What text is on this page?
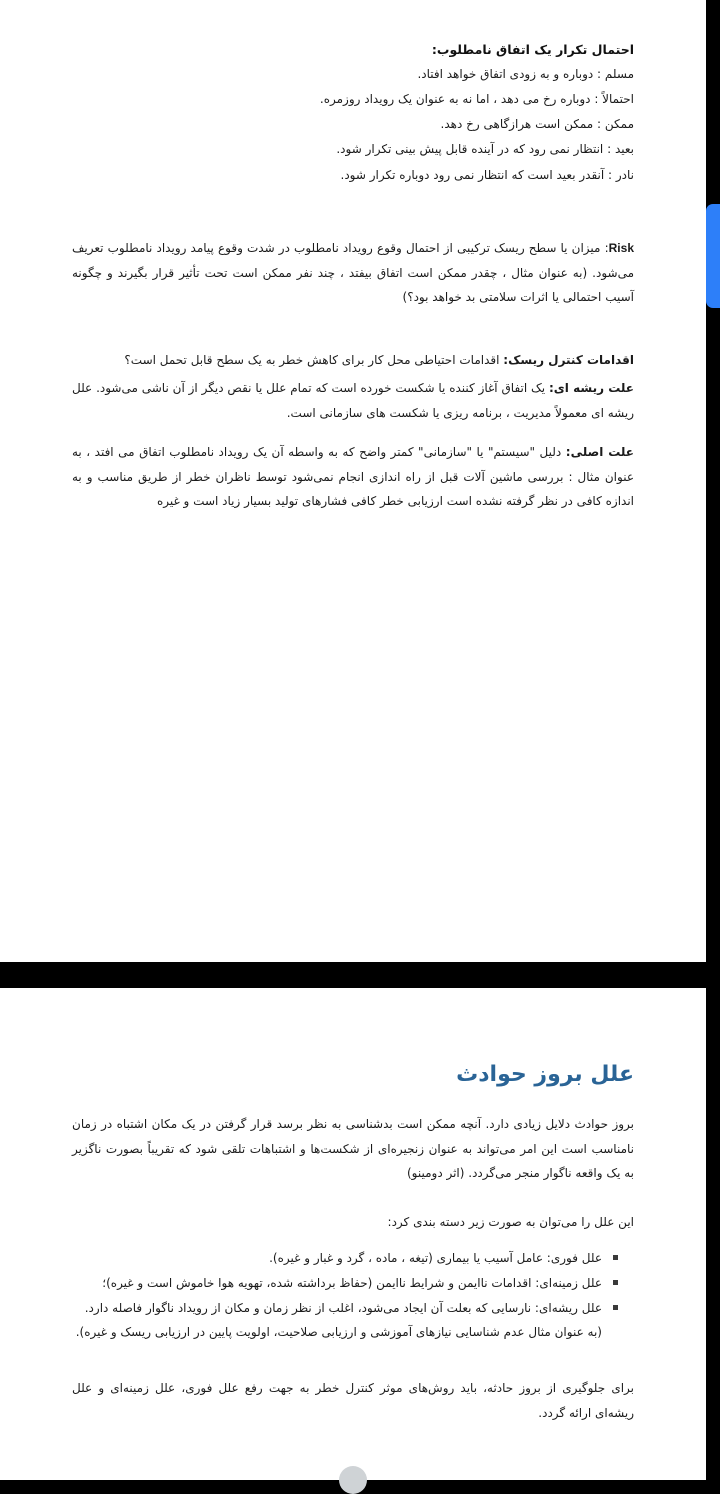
احتمال تکرار یک اتفاق نامطلوب:
مسلم : دوباره و به زودی اتفاق خواهد افتاد.
احتمالاً : دوباره رخ می دهد ، اما نه به عنوان یک رویداد روزمره.
ممکن : ممکن است هرازگاهی رخ دهد.
بعید : انتظار نمی رود که در آینده قابل پیش بینی تکرار شود.
نادر : آنقدر بعید است که انتظار نمی رود دوباره تکرار شود.
Risk: میزان یا سطح ریسک ترکیبی از احتمال وقوع رویداد نامطلوب در شدت وقوع پیامد رویداد نامطلوب تعریف می‌شود. (به عنوان مثال ، چقدر ممکن است اتفاق بیفتد ، چند نفر ممکن است تحت تأثیر قرار بگیرند و چگونه آسیب احتمالی یا اثرات سلامتی بد خواهد بود؟)
اقدامات کنترل ریسک: اقدامات احتیاطی محل کار برای کاهش خطر به یک سطح قابل تحمل است؟
علت ریشه ای: یک اتفاق آغاز کننده یا شکست خورده است که تمام علل یا نقص دیگر از آن ناشی می‌شود. علل ریشه ای معمولاً مدیریت ، برنامه ریزی یا شکست های سازمانی است.
علت اصلی: دلیل "سیستم" یا "سازمانی" کمتر واضح که به واسطه آن یک رویداد نامطلوب اتفاق می افتد ، به عنوان مثال : بررسی ماشین آلات قبل از راه اندازی انجام نمی‌شود توسط ناظران خطر از طریق مناسب و به اندازه کافی در نظر گرفته نشده است ارزیابی خطر کافی فشارهای تولید بسیار زیاد است و غیره
علل بروز حوادث
بروز حوادث دلایل زیادی دارد. آنچه ممکن است بدشناسی به نظر برسد قرار گرفتن در یک مکان اشتباه در زمان نامناسب است این امر می‌تواند به عنوان زنجیره‌ای از شکست‌ها و اشتباهات تلقی شود که تقریباً بصورت ناگزیر به یک واقعه ناگوار منجر می‌گردد. (اثر دومینو)
این علل را می‌توان به صورت زیر دسته بندی کرد:
علل فوری: عامل آسیب یا بیماری (تیغه ، ماده ، گرد و غبار و غیره).
علل زمینه‌ای: اقدامات ناایمن و شرایط ناایمن (حفاظ برداشته شده، تهویه هوا خاموش است و غیره)؛
علل ریشه‌ای: نارسایی که بعلت آن ایجاد می‌شود، اغلب از نظر زمان و مکان از رویداد ناگوار فاصله دارد.
(به عنوان مثال عدم شناسایی نیازهای آموزشی و ارزیابی صلاحیت، اولویت پایین در ارزیابی ریسک و غیره).
برای جلوگیری از بروز حادثه، باید روش‌های موثر کنترل خطر به جهت رفع علل فوری، علل زمینه‌ای و علل ریشه‌ای ارائه گردد.
